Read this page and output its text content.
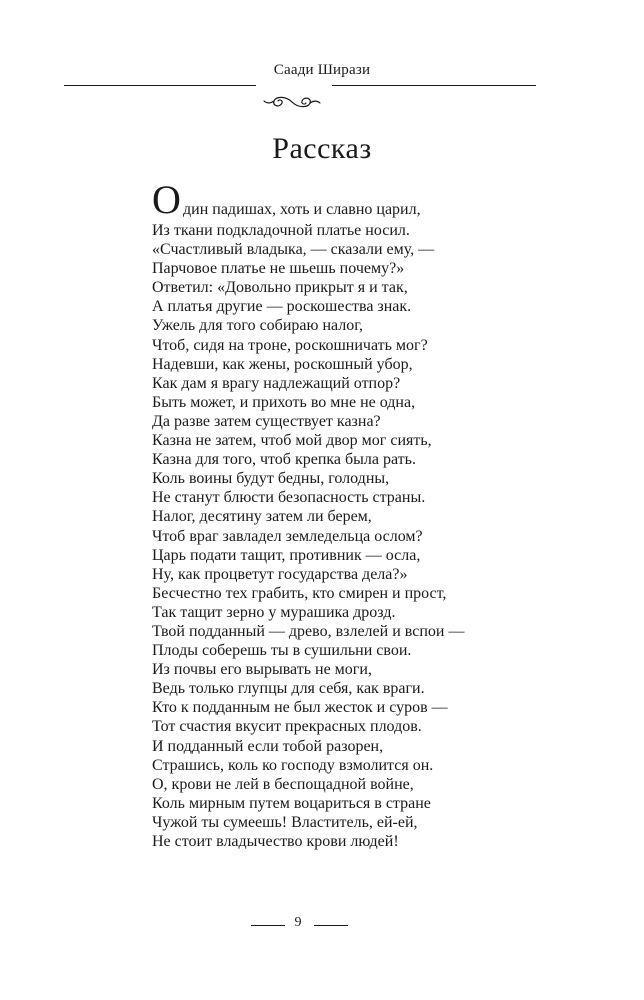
Саади Ширази
Рассказ
О дин падишах, хоть и славно царил,
Из ткани подкладочной платье носил.
«Счастливый владыка, — сказали ему, —
Парчовое платье не шьешь почему?»
Ответил: «Довольно прикрыт я и так,
А платья другие — роскошества знак.
Ужель для того собираю налог,
Чтоб, сидя на троне, роскошничать мог?
Надевши, как жены, роскошный убор,
Как дам я врагу надлежащий отпор?
Быть может, и прихоть во мне не одна,
Да разве затем существует казна?
Казна не затем, чтоб мой двор мог сиять,
Казна для того, чтоб крепка была рать.
Коль воины будут бедны, голодны,
Не станут блюсти безопасность страны.
Налог, десятину затем ли берем,
Чтоб враг завладел земледельца ослом?
Царь подати тащит, противник — осла,
Ну, как процветут государства дела?»
Бесчестно тех грабить, кто смирен и прост,
Так тащит зерно у мурашика дрозд.
Твой подданный — древо, взлелей и вспои —
Плоды соберешь ты в сушильни свои.
Из почвы его вырывать не моги,
Ведь только глупцы для себя, как враги.
Кто к подданным не был жесток и суров —
Тот счастия вкусит прекрасных плодов.
И подданный если тобой разорен,
Страшись, коль ко господу взмолится он.
О, крови не лей в беспощадной войне,
Коль мирным путем воцариться в стране
Чужой ты сумеешь! Властитель, ей-ей,
Не стоит владычество крови людей!
9
